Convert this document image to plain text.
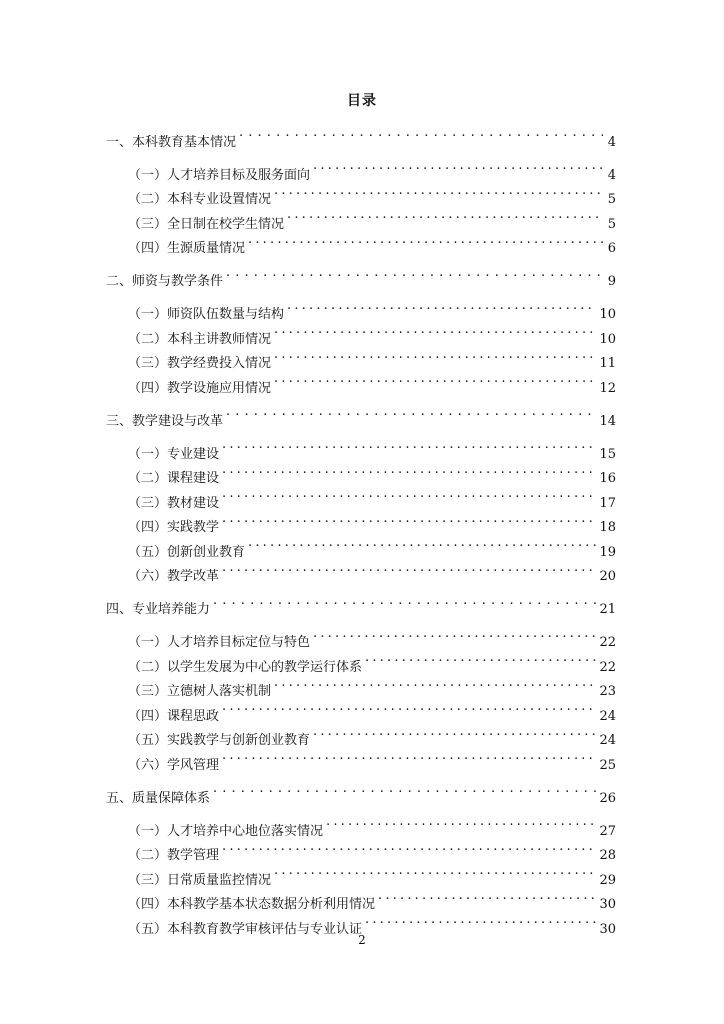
目录
一、本科教育基本情况 . . .	4
（一）人才培养目标及服务面向 .....	4
（二）本科专业设置情况 .....	5
（三）全日制在校学生情况 .....	5
（四）生源质量情况 .....	6
二、师资与教学条件 . . .	9
（一）师资队伍数量与结构 .....	10
（二）本科主讲教师情况 .....	10
（三）教学经费投入情况 .....	11
（四）教学设施应用情况 .....	12
三、教学建设与改革 . . .	14
（一）专业建设 .....	15
（二）课程建设 .....	16
（三）教材建设 .....	17
（四）实践教学 .....	18
（五）创新创业教育 .....	19
（六）教学改革 .....	20
四、专业培养能力 . . .	21
（一）人才培养目标定位与特色 .....	22
（二）以学生发展为中心的教学运行体系 .....	22
（三）立德树人落实机制 .....	23
（四）课程思政 .....	24
（五）实践教学与创新创业教育 .....	24
（六）学风管理 .....	25
五、质量保障体系 . . .	26
（一）人才培养中心地位落实情况 .....	27
（二）教学管理 .....	28
（三）日常质量监控情况 .....	29
（四）本科教学基本状态数据分析利用情况 .....	30
（五）本科教育教学审核评估与专业认证 .....	30
2
